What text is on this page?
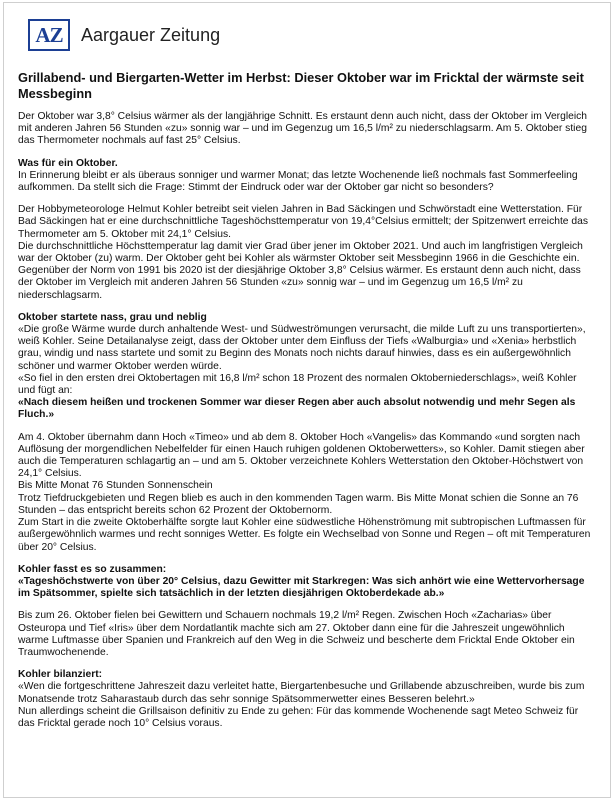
AZ	Aargauer Zeitung
Grillabend- und Biergarten-Wetter im Herbst: Dieser Oktober war im Fricktal der wärmste seit Messbeginn

Der Oktober war 3,8° Celsius wärmer als der langjährige Schnitt. Es erstaunt denn auch nicht, dass der Oktober im Vergleich mit anderen Jahren 56 Stunden «zu» sonnig war – und im Gegenzug um 16,5 l/m² zu niederschlagsarm. Am 5. Oktober stieg das Thermometer nochmals auf fast 25° Celsius.

Was für ein Oktober.
In Erinnerung bleibt er als überaus sonniger und warmer Monat; das letzte Wochenende ließ nochmals fast Sommerfeeling aufkommen. Da stellt sich die Frage: Stimmt der Eindruck oder war der Oktober gar nicht so besonders?

Der Hobbymeteorologe Helmut Kohler betreibt seit vielen Jahren in Bad Säckingen und Schwörstadt eine Wetterstation. Für Bad Säckingen hat er eine durchschnittliche Tageshöchsttemperatur von 19,4°Celsius ermittelt; der Spitzenwert erreichte das Thermometer am 5. Oktober mit 24,1° Celsius.
Die durchschnittliche Höchsttemperatur lag damit vier Grad über jener im Oktober 2021. Und auch im langfristigen Vergleich war der Oktober (zu) warm. Der Oktober geht bei Kohler als wärmster Oktober seit Messbeginn 1966 in die Geschichte ein. Gegenüber der Norm von 1991 bis 2020 ist der diesjährige Oktober 3,8° Celsius wärmer. Es erstaunt denn auch nicht, dass der Oktober im Vergleich mit anderen Jahren 56 Stunden «zu» sonnig war – und im Gegenzug um 16,5 l/m² zu niederschlagsarm.

Oktober startete nass, grau und neblig
«Die große Wärme wurde durch anhaltende West- und Südweströmungen verursacht, die milde Luft zu uns transportierten», weiß Kohler. Seine Detailanalyse zeigt, dass der Oktober unter dem Einfluss der Tiefs «Walburgia» und «Xenia» herbstlich grau, windig und nass startete und somit zu Beginn des Monats noch nichts darauf hinwies, dass es ein außergewöhnlich schöner und warmer Oktober werden würde.
«So fiel in den ersten drei Oktobertagen mit 16,8 l/m² schon 18 Prozent des normalen Oktoberniederschlags», weiß Kohler und fügt an:
«Nach diesem heißen und trockenen Sommer war dieser Regen aber auch absolut notwendig und mehr Segen als Fluch.»

Am 4. Oktober übernahm dann Hoch «Timeo» und ab dem 8. Oktober Hoch «Vangelis» das Kommando «und sorgten nach Auflösung der morgendlichen Nebelfelder für einen Hauch ruhigen goldenen Oktoberwetters», so Kohler. Damit stiegen aber auch die Temperaturen schlagartig an – und am 5. Oktober verzeichnete Kohlers Wetterstation den Oktober-Höchstwert von 24,1° Celsius.
Bis Mitte Monat 76 Stunden Sonnenschein
Trotz Tiefdruckgebieten und Regen blieb es auch in den kommenden Tagen warm. Bis Mitte Monat schien die Sonne an 76 Stunden – das entspricht bereits schon 62 Prozent der Oktobernorm.
Zum Start in die zweite Oktoberhälfte sorgte laut Kohler eine südwestliche Höhenströmung mit subtropischen Luftmassen für außergewöhnlich warmes und recht sonniges Wetter. Es folgte ein Wechselbad von Sonne und Regen – oft mit Temperaturen über 20° Celsius.

Kohler fasst es so zusammen:
«Tageshöchstwerte von über 20° Celsius, dazu Gewitter mit Starkregen: Was sich anhört wie eine Wettervorhersage im Spätsommer, spielte sich tatsächlich in der letzten diesjährigen Oktoberdekade ab.»

Bis zum 26. Oktober fielen bei Gewittern und Schauern nochmals 19,2 l/m² Regen. Zwischen Hoch «Zacharias» über Osteuropa und Tief «Iris» über dem Nordatlantik machte sich am 27. Oktober dann eine für die Jahreszeit ungewöhnlich warme Luftmasse über Spanien und Frankreich auf den Weg in die Schweiz und bescherte dem Fricktal Ende Oktober ein Traumwochenende.

Kohler bilanziert:
«Wen die fortgeschrittene Jahreszeit dazu verleitet hatte, Biergartenbesuche und Grillabende abzuschreiben, wurde bis zum Monatsende trotz Saharastaub durch das sehr sonnige Spätsommerwetter eines Besseren belehrt.»
Nun allerdings scheint die Grillsaison definitiv zu Ende zu gehen: Für das kommende Wochenende sagt Meteo Schweiz für das Fricktal gerade noch 10° Celsius voraus.
